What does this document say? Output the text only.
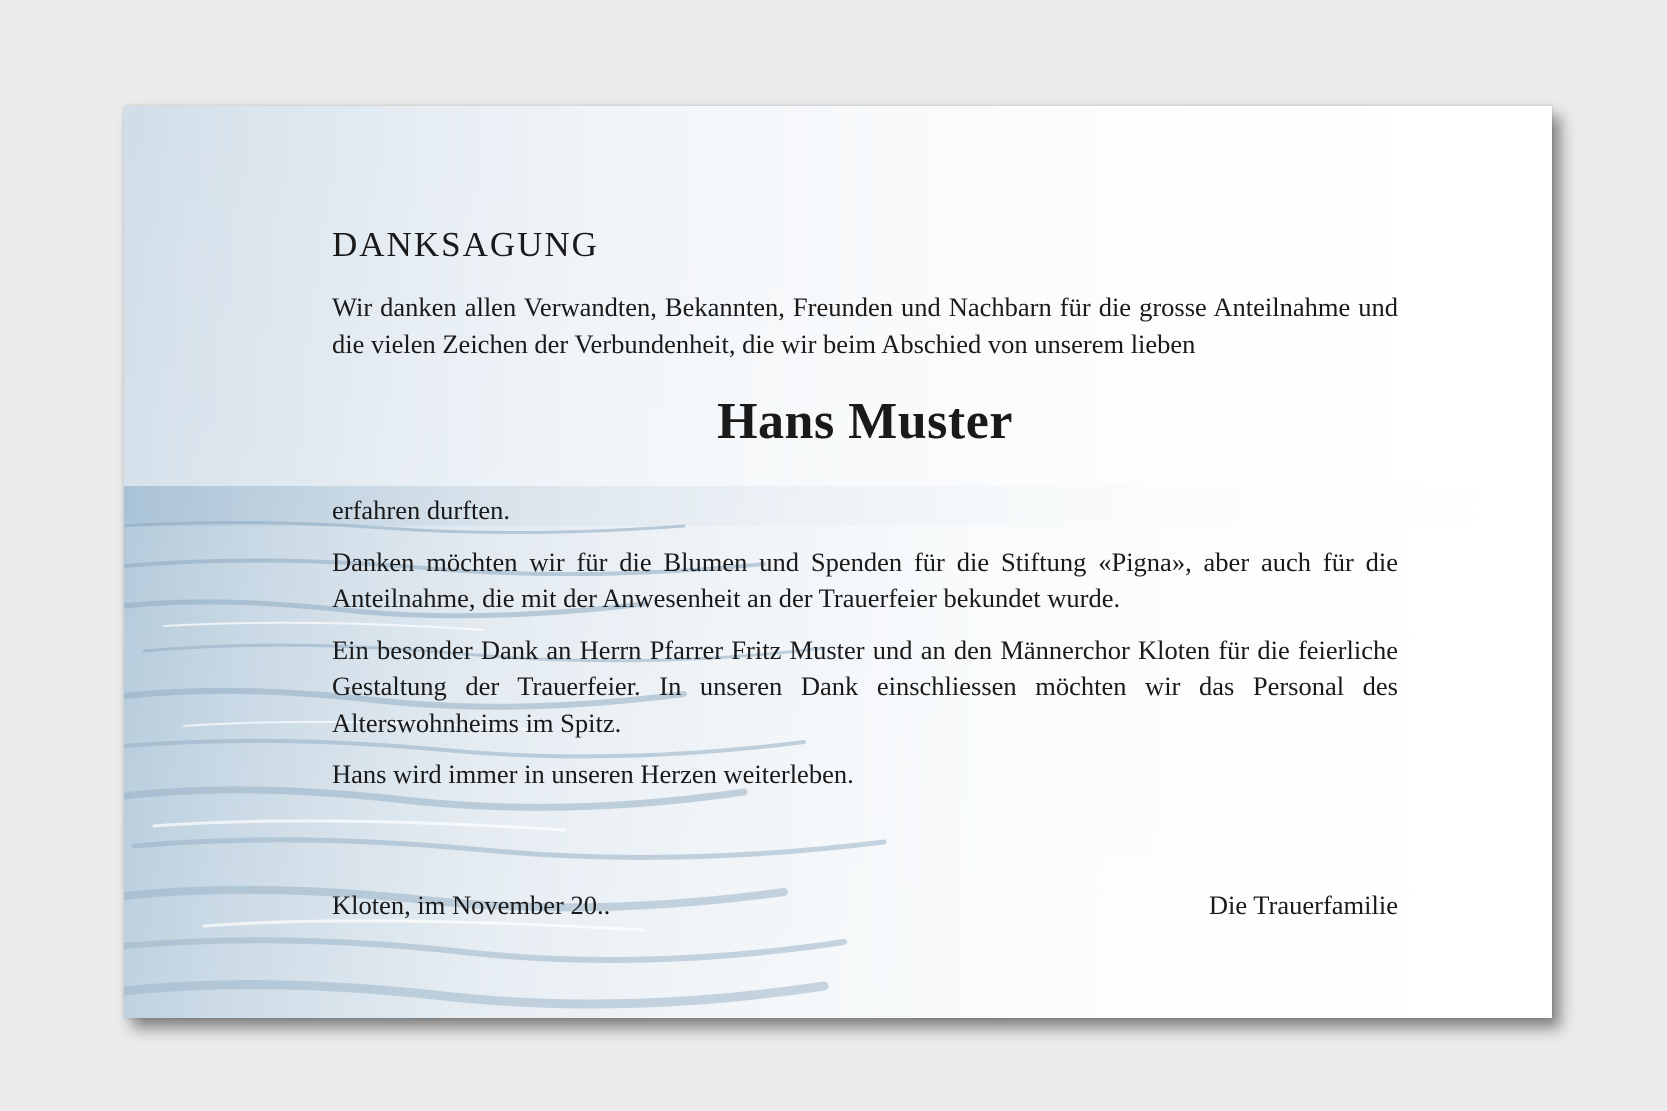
DANKSAGUNG

Wir danken allen Verwandten, Bekannten, Freunden und Nachbarn für die grosse Anteilnahme und die vielen Zeichen der Verbundenheit, die wir beim Abschied von unserem lieben

Hans Muster

erfahren durften.

Danken möchten wir für die Blumen und Spenden für die Stiftung «Pigna», aber auch für die Anteilnahme, die mit der Anwesenheit an der Trauerfeier bekundet wurde.

Ein besonder Dank an Herrn Pfarrer Fritz Muster und an den Männerchor Kloten für die feierliche Gestaltung der Trauerfeier. In unseren Dank einschliessen möchten wir das Personal des Alterswohnheims im Spitz.

Hans wird immer in unseren Herzen weiterleben.

Kloten, im November 20..	Die Trauerfamilie
